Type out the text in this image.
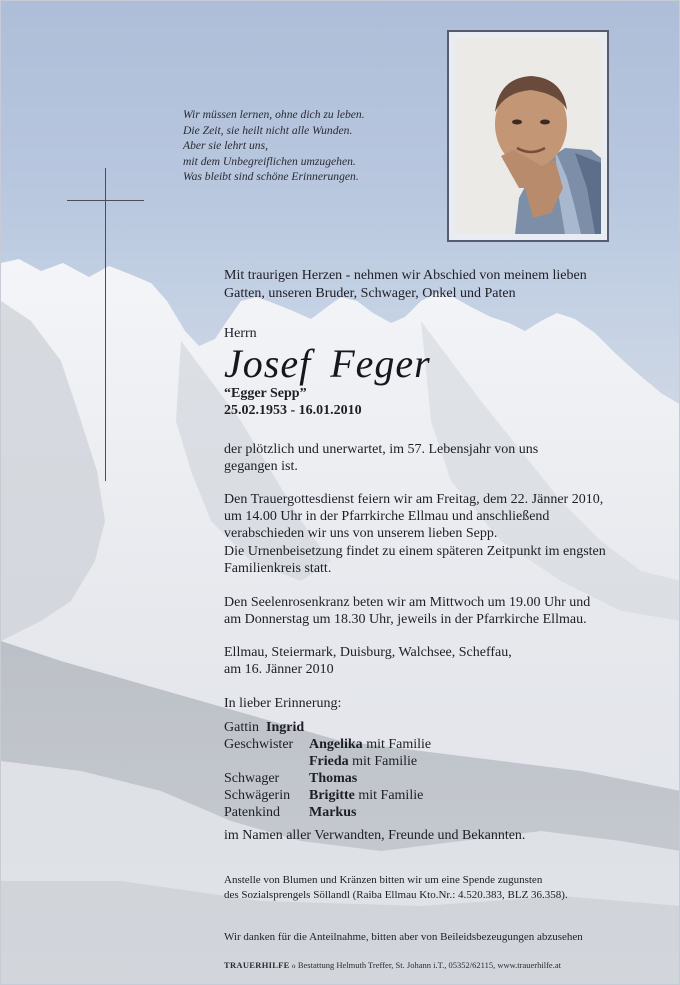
Wir müssen lernen, ohne dich zu leben.
Die Zeit, sie heilt nicht alle Wunden.
Aber sie lehrt uns,
mit dem Unbegreiflichen umzugehen.
Was bleibt sind schöne Erinnerungen.
Mit traurigen Herzen - nehmen wir Abschied von meinem lieben
Gatten, unseren Bruder, Schwager, Onkel und Paten
Herrn
Josef Feger
“Egger Sepp”
25.02.1953 - 16.01.2010
der plötzlich und unerwartet, im 57. Lebensjahr von uns
gegangen ist.
Den Trauergottesdienst feiern wir am Freitag, dem 22. Jänner 2010,
um 14.00 Uhr in der Pfarrkirche Ellmau und anschließend
verabschieden wir uns von unserem lieben Sepp.
Die Urnenbeisetzung findet zu einem späteren Zeitpunkt im engsten
Familienkreis statt.
Den Seelenrosenkranz beten wir am Mittwoch um 19.00 Uhr und
am Donnerstag um 18.30 Uhr, jeweils in der Pfarrkirche Ellmau.
Ellmau, Steiermark, Duisburg, Walchsee, Scheffau,
am 16. Jänner 2010
In lieber Erinnerung:
Gattin Ingrid
Geschwister Angelika mit Familie
Frieda mit Familie
Schwager Thomas
Schwägerin Brigitte mit Familie
Patenkind Markus
im Namen aller Verwandten, Freunde und Bekannten.
Anstelle von Blumen und Kränzen bitten wir um eine Spende zugunsten
des Sozialsprengels Söllandl (Raiba Ellmau Kto.Nr.: 4.520.383, BLZ 36.358).
Wir danken für die Anteilnahme, bitten aber von Beileidsbezeugungen abzusehen
TRAUERHILFE ℴ Bestattung Helmuth Treffer, St. Johann i.T., 05352/62115, www.trauerhilfe.at
